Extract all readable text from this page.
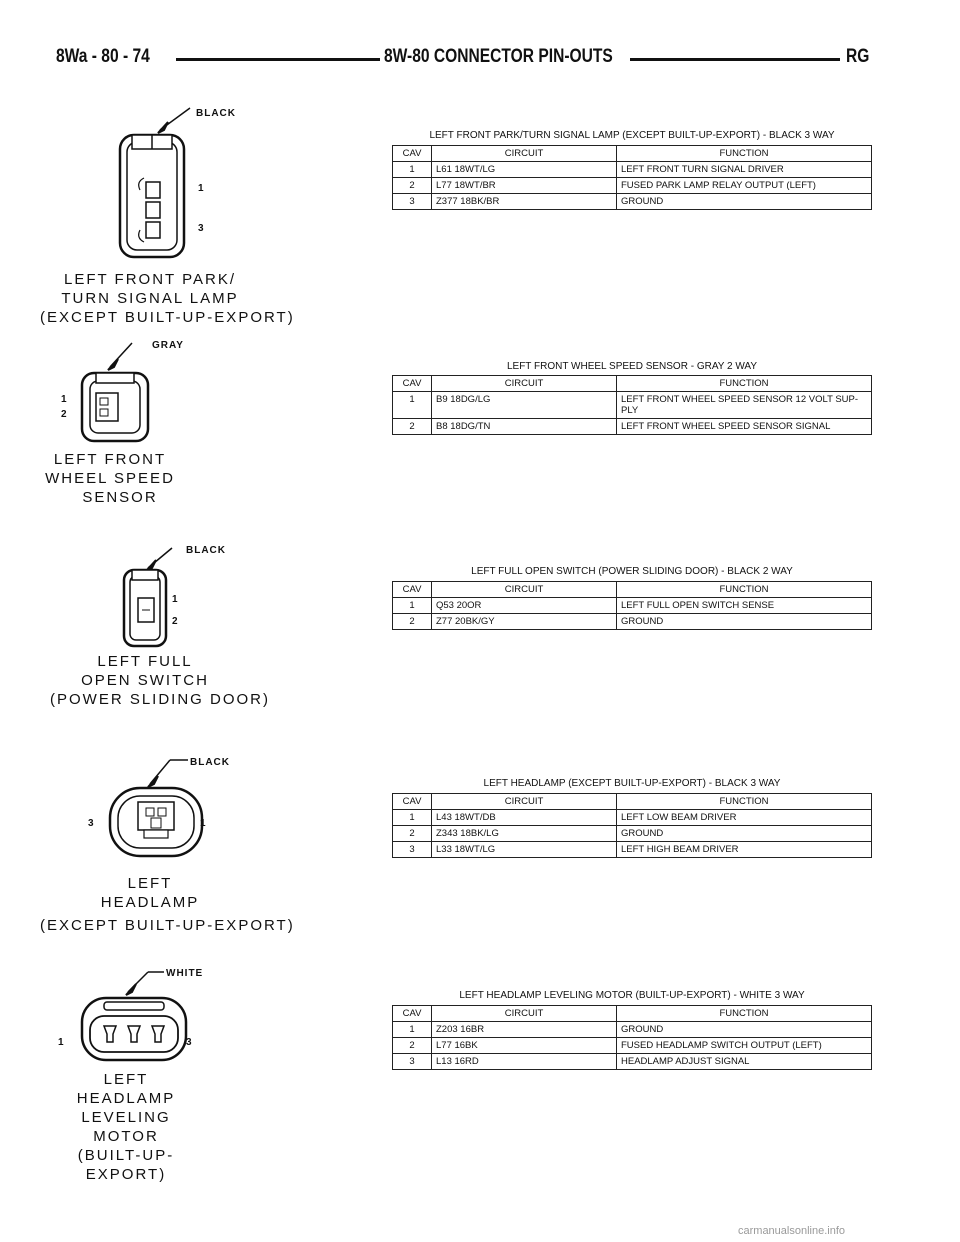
8Wa - 80 - 74	8W-80 CONNECTOR PIN-OUTS	RG
BLACK
1
3
LEFT FRONT PARK/
TURN SIGNAL LAMP
(EXCEPT BUILT-UP-EXPORT)
LEFT FRONT PARK/TURN SIGNAL LAMP (EXCEPT BUILT-UP-EXPORT) - BLACK 3 WAY
CAV	CIRCUIT	FUNCTION
1	L61 18WT/LG	LEFT FRONT TURN SIGNAL DRIVER
2	L77 18WT/BR	FUSED PARK LAMP RELAY OUTPUT (LEFT)
3	Z377 18BK/BR	GROUND
GRAY
1
2
LEFT FRONT
WHEEL SPEED
SENSOR
LEFT FRONT WHEEL SPEED SENSOR - GRAY 2 WAY
CAV	CIRCUIT	FUNCTION
1	B9 18DG/LG	LEFT FRONT WHEEL SPEED SENSOR 12 VOLT SUP-PLY
2	B8 18DG/TN	LEFT FRONT WHEEL SPEED SENSOR SIGNAL
BLACK
1
2
LEFT FULL
OPEN SWITCH
(POWER SLIDING DOOR)
LEFT FULL OPEN SWITCH (POWER SLIDING DOOR) - BLACK 2 WAY
CAV	CIRCUIT	FUNCTION
1	Q53 20OR	LEFT FULL OPEN SWITCH SENSE
2	Z77 20BK/GY	GROUND
BLACK
3	1
LEFT
HEADLAMP
(EXCEPT BUILT-UP-EXPORT)
LEFT HEADLAMP (EXCEPT BUILT-UP-EXPORT) - BLACK 3 WAY
CAV	CIRCUIT	FUNCTION
1	L43 18WT/DB	LEFT LOW BEAM DRIVER
2	Z343 18BK/LG	GROUND
3	L33 18WT/LG	LEFT HIGH BEAM DRIVER
WHITE
1	3
LEFT
HEADLAMP
LEVELING
MOTOR
(BUILT-UP-
EXPORT)
LEFT HEADLAMP LEVELING MOTOR (BUILT-UP-EXPORT) - WHITE 3 WAY
CAV	CIRCUIT	FUNCTION
1	Z203 16BR	GROUND
2	L77 16BK	FUSED HEADLAMP SWITCH OUTPUT (LEFT)
3	L13 16RD	HEADLAMP ADJUST SIGNAL
carmanualsonline.info
